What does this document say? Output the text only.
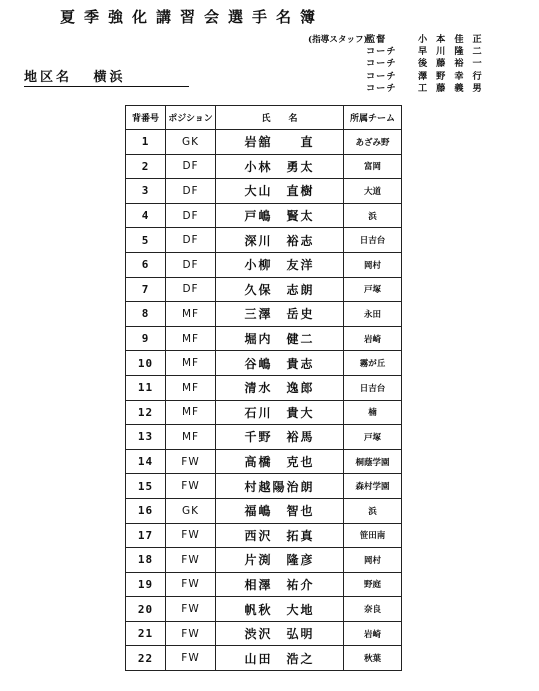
夏季強化講習会選手名簿
(指導スタッフ)
監督	小本佳正
コーチ	早川隆二
コーチ	後藤裕一
コーチ	澤野幸行
コーチ	工藤義男
地区名 横浜
背番号	ポジション	氏　　名	所属チーム
1	GK	岩舘　　直	あざみ野
2	DF	小林　勇太	富岡
3	DF	大山　直樹	大道
4	DF	戸嶋　賢太	浜
5	DF	深川　裕志	日吉台
6	DF	小柳　友洋	岡村
7	DF	久保　志朗	戸塚
8	MF	三澤　岳史	永田
9	MF	堀内　健二	岩崎
10	MF	谷嶋　貴志	霧が丘
11	MF	清水　逸郎	日吉台
12	MF	石川　貴大	楠
13	MF	千野　裕馬	戸塚
14	FW	高橋　克也	桐蔭学園
15	FW	村越陽治朗	森村学園
16	GK	福嶋　智也	浜
17	FW	西沢　拓真	笹田南
18	FW	片渕　隆彦	岡村
19	FW	相澤　祐介	野庭
20	FW	帆秋　大地	奈良
21	FW	渋沢　弘明	岩崎
22	FW	山田　浩之	秋葉
